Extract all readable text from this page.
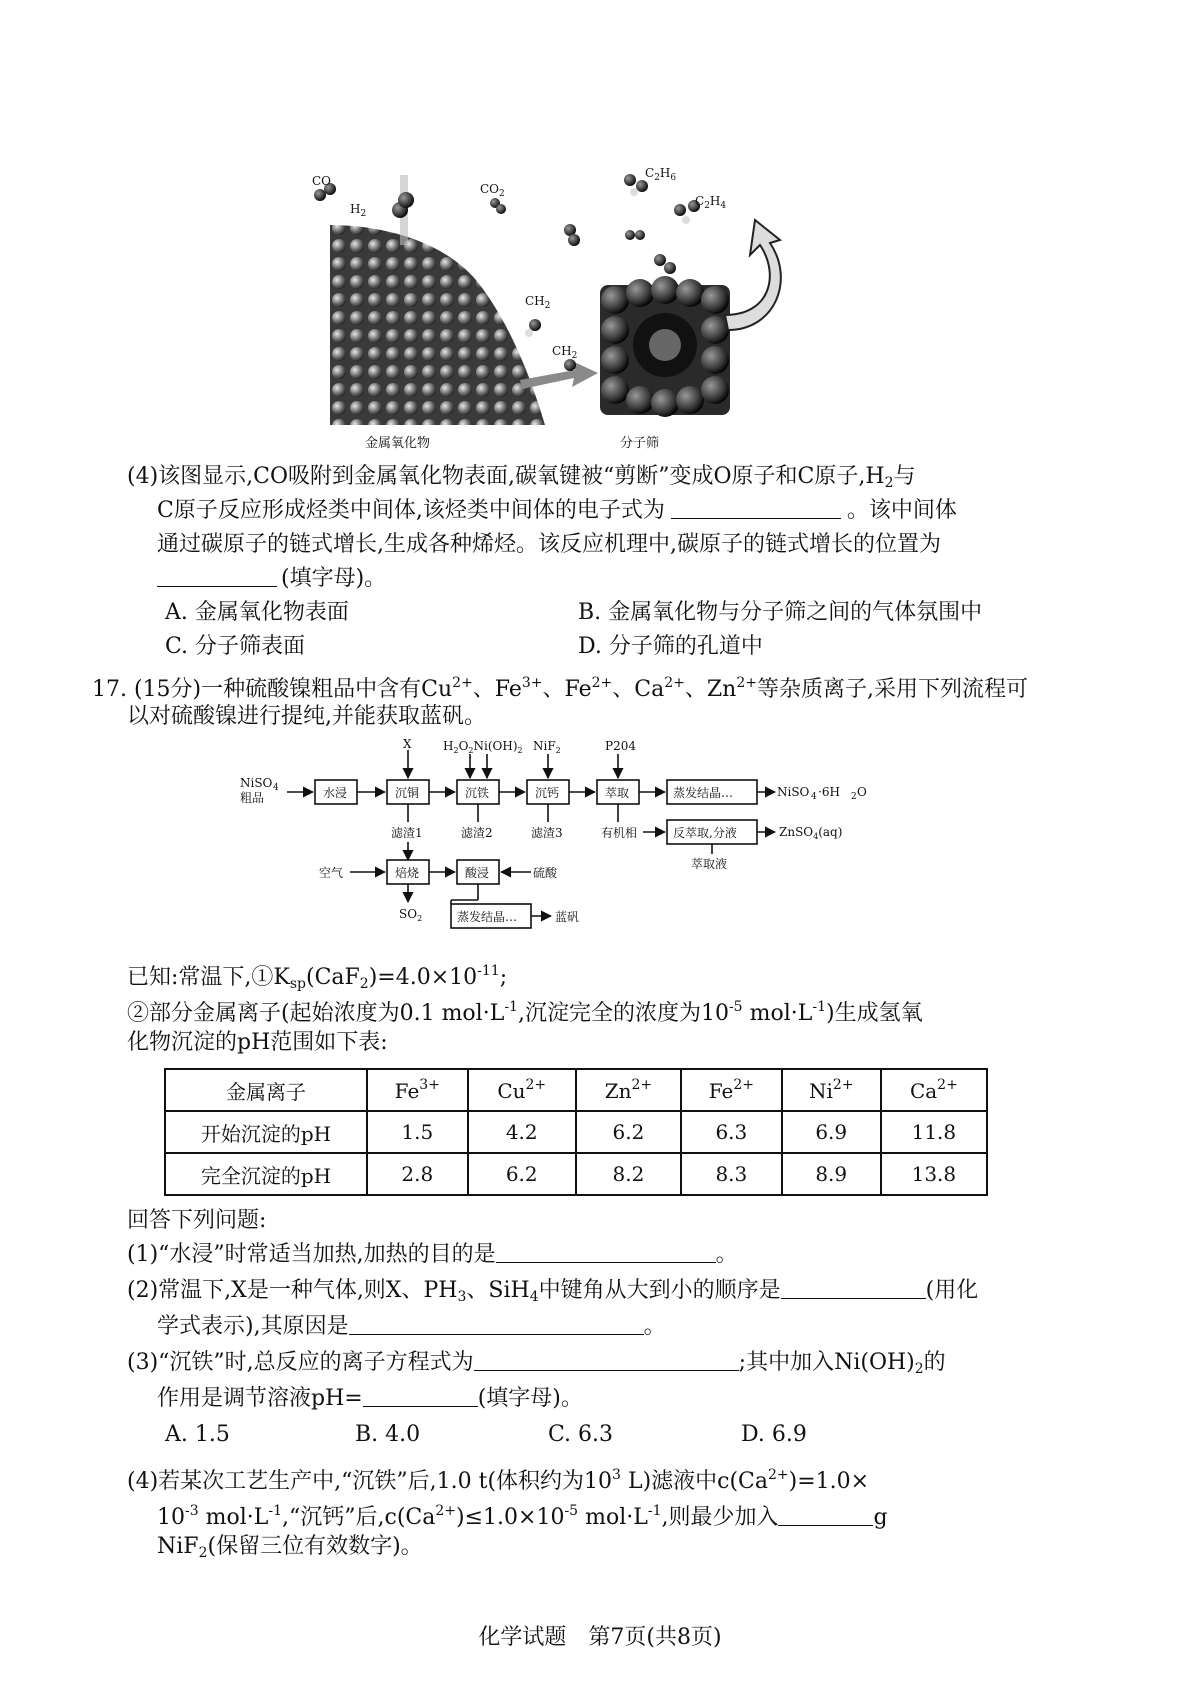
CO
$H_2$
$CO_2$
$C_2H_6$
$C_2H_4$
$CH_2$
$CH_2$
金属氧化物	分子筛
(4)该图显示,CO吸附到金属氧化物表面,碳氧键被“剪断”变成O原子和C原子$,H_2$与
C原子反应形成烃类中间体,该烃类中间体的电子式为	。该中间体
通过碳原子的链式增长,生成各种烯烃。该反应机理中,碳原子的链式增长的位置为
(填字母)。
A. 金属氧化物表面	B. 金属氧化物与分子筛之间的气体氛围中
C. 分子筛表面	D. 分子筛的孔道中
17. (15分)一种硫酸镍粗品中含有$Cu^{2+}$、$Fe^{3+}$、$Fe^{2+}$、$Ca^{2+}$、$Zn^{2+}$等杂质离子,采用下列流程可
以对硫酸镍进行提纯,并能获取蓝矾。
NiSO 4
粗品	水浸	沉铜	沉铁	沉钙	萃取	蒸发结晶…	NiSO 4 ·6H 2 O
X	$H_2O_2Ni(OH)_2$ NiF$_2$	P204
滤渣1	滤渣2	滤渣3	有机相	反萃取,分液	ZnSO$_4$(aq)
萃取液
空气	焙烧	酸浸	硫酸
$SO_2$	蒸发结晶…	蓝矾
已知:常温下$,①K_{sp}(CaF_2)=4.0\times 10^{-11}$;
②部分金属离子(起始浓度为0.1 $mol\cdot L^{-1}$,沉淀完全的浓度为$10^{-5}$ $mol\cdot L^{-1}$)生成氢氧
化物沉淀的pH范围如下表:
金属离子	$Fe^{3+}$	$Cu^{2+}$	$Zn^{2+}$	$Fe^{2+}$	$Ni^{2+}$	$Ca^{2+}$
开始沉淀的pH	1.5	4.2	6.2	6.3	6.9	11.8
完全沉淀的pH	2.8	6.2	8.2	8.3	8.9	13.8
回答下列问题:
(1)“水浸”时常适当加热,加热的目的是	。
(2)常温下,X是一种气体,则X、$PH_3$、SiH$_4$中键角从大到小的顺序是	(用化
学式表示),其原因是	。
(3)“沉铁”时,总反应的离子方程式为	;其中加入$Ni(OH)_2$的
作用是调节溶液pH=	(填字母)。
A. 1.5	B. 4.0	C. 6.3	D. 6.9
(4)若某次工艺生产中,“沉铁”后,1.0 t(体积约为$10^3$ L)滤液中$c(Ca^{2+})=1.0\times$
$10^{-3}$ $mol\cdot L^{-1},“$沉钙”后$,c(Ca^{2+})\le 1.0\times 10^{-5}$ $mol\cdot L^{-1}$,则最少加入	g
NiF$_2$(保留三位有效数字)。
化学试题　第7页(共8页)
